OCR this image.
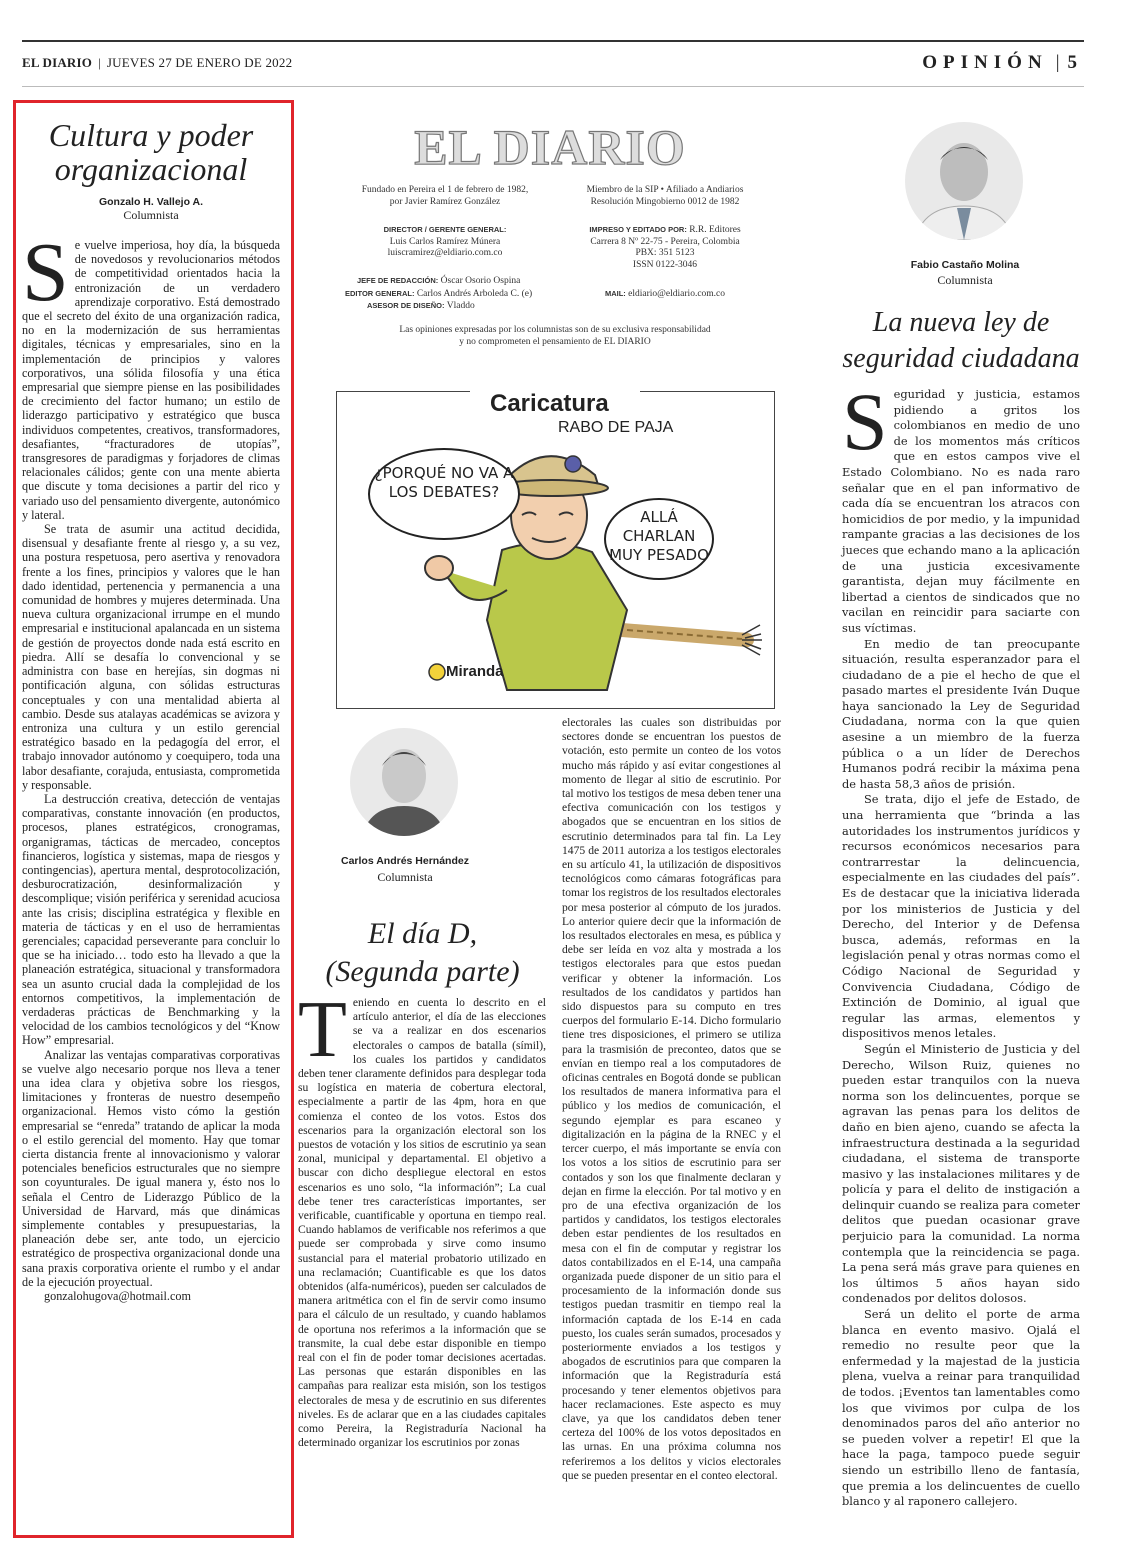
EL DIARIO | JUEVES 27 DE ENERO DE 2022	OPINIÓN | 5
Cultura y poder
organizacional
Gonzalo H. Vallejo A.
Columnista
S e vuelve imperiosa, hoy día, la búsqueda de novedosos y revolucionarios métodos de competitividad orientados hacia la entronización de un verdadero aprendizaje corporativo. Está demostrado que el secreto del éxito de una organización radica, no en la modernización de sus herramientas digitales, técnicas y empresariales, sino en la implementación de principios y valores corporativos, una sólida filosofía y una ética empresarial que siempre piense en las posibilidades de crecimiento del factor humano; un estilo de liderazgo participativo y estratégico que busca individuos competentes, creativos, transformadores, desafiantes, “fracturadores de utopías”, transgresores de paradigmas y forjadores de climas relacionales cálidos; gente con una mente abierta que discute y toma decisiones a partir del rico y variado uso del pensamiento divergente, autonómico y lateral.

Se trata de asumir una actitud decidida, disensual y desafiante frente al riesgo y, a su vez, una postura respetuosa, pero asertiva y renovadora frente a los fines, principios y valores que le han dado identidad, pertenencia y permanencia a una comunidad de hombres y mujeres determinada. Una nueva cultura organizacional irrumpe en el mundo empresarial e institucional apalancada en un sistema de gestión de proyectos donde nada está escrito en piedra. Allí se desafía lo convencional y se administra con base en herejías, sin dogmas ni pontificación alguna, con sólidas estructuras conceptuales y con una mentalidad abierta al cambio. Desde sus atalayas académicas se avizora y entroniza una cultura y un estilo gerencial estratégico basado en la pedagogía del error, el trabajo innovador autónomo y coequipero, toda una labor desafiante, corajuda, entusiasta, comprometida y responsable.

La destrucción creativa, detección de ventajas comparativas, constante innovación (en productos, procesos, planes estratégicos, cronogramas, organigramas, tácticas de mercadeo, conceptos financieros, logística y sistemas, mapa de riesgos y contingencias), apertura mental, desprotocolización, desburocratización, desinformalización y descomplique; visión periférica y serenidad acuciosa ante las crisis; disciplina estratégica y flexible en materia de tácticas y en el uso de herramientas gerenciales; capacidad perseverante para concluir lo que se ha iniciado… todo esto ha llevado a que la planeación estratégica, situacional y transformadora sea un asunto crucial dada la complejidad de los entornos competitivos, la implementación de verdaderas prácticas de Benchmarking y la velocidad de los cambios tecnológicos y del “Know How” empresarial.

Analizar las ventajas comparativas corporativas se vuelve algo necesario porque nos lleva a tener una idea clara y objetiva sobre los riesgos, limitaciones y fronteras de nuestro desempeño organizacional. Hemos visto cómo la gestión empresarial se “enreda” tratando de aplicar la moda o el estilo gerencial del momento. Hay que tomar cierta distancia frente al innovacionismo y valorar potenciales beneficios estructurales que no siempre son coyunturales. De igual manera y, ésto nos lo señala el Centro de Liderazgo Público de la Universidad de Harvard, más que dinámicas simplemente contables y presupuestarias, la planeación debe ser, ante todo, un ejercicio estratégico de prospectiva organizacional donde una sana praxis corporativa oriente el rumbo y el andar de la ejecución proyectual.

gonzalohugova@hotmail.com

EL DIARIO
Fundado en Pereira el 1 de febrero de 1982,
por Javier Ramírez González
Miembro de la SIP • Afiliado a Andiarios
Resolución Mingobierno 0012 de 1982
DIRECTOR / GERENTE GENERAL:
Luis Carlos Ramírez Múnera
luiscramirez@eldiario.com.co
IMPRESO Y EDITADO POR: R.R. Editores
Carrera 8 Nº 22-75 - Pereira, Colombia
PBX: 351 5123
ISSN 0122-3046
JEFE DE REDACCIÓN: Óscar Osorio Ospina
EDITOR GENERAL: Carlos Andrés Arboleda C. (e)
ASESOR DE DISEÑO: Vladdo
MAIL: eldiario@eldiario.com.co
Las opiniones expresadas por los columnistas son de su exclusiva responsabilidad
y no comprometen el pensamiento de EL DIARIO
Caricatura
RABO DE PAJA
Miranda
¿PORQUÉ NO VA A LOS DEBATES?
ALLÁ CHARLAN MUY PESADO
Carlos Andrés Hernández
Columnista
El día D,
(Segunda parte)
T eniendo en cuenta lo descrito en el artículo anterior, el día de las elecciones se va a realizar en dos escenarios electorales o campos de batalla (símil), los cuales los partidos y candidatos deben tener claramente definidos para desplegar toda su logística en materia de cobertura electoral, especialmente a partir de las 4pm, hora en que comienza el conteo de los votos. Estos dos escenarios para la organización electoral son los puestos de votación y los sitios de escrutinio ya sean zonal, municipal y departamental. El objetivo a buscar con dicho despliegue electoral en estos escenarios es uno solo, “la información”; La cual debe tener tres características importantes, ser verificable, cuantificable y oportuna en tiempo real. Cuando hablamos de verificable nos referimos a que puede ser comprobada y sirve como insumo sustancial para el material probatorio utilizado en una reclamación; Cuantificable es que los datos obtenidos (alfa-numéricos), pueden ser calculados de manera aritmética con el fin de servir como insumo para el cálculo de un resultado, y cuando hablamos de oportuna nos referimos a la información que se transmite, la cual debe estar disponible en tiempo real con el fin de poder tomar decisiones acertadas. Las personas que estarán disponibles en las campañas para realizar esta misión, son los testigos electorales de mesa y de escrutinio en sus diferentes niveles. Es de aclarar que en a las ciudades capitales como Pereira, la Registraduría Nacional ha determinado organizar los escrutinios por zonas

electorales las cuales son distribuidas por sectores donde se encuentran los puestos de votación, esto permite un conteo de los votos mucho más rápido y así evitar congestiones al momento de llegar al sitio de escrutinio. Por tal motivo los testigos de mesa deben tener una efectiva comunicación con los testigos y abogados que se encuentran en los sitios de escrutinio determinados para tal fin. La Ley 1475 de 2011 autoriza a los testigos electorales en su artículo 41, la utilización de dispositivos tecnológicos como cámaras fotográficas para tomar los registros de los resultados electorales por mesa posterior al cómputo de los jurados. Lo anterior quiere decir que la información de los resultados electorales en mesa, es pública y debe ser leída en voz alta y mostrada a los testigos electorales para que estos puedan verificar y obtener la información. Los resultados de los candidatos y partidos han sido dispuestos para su computo en tres cuerpos del formulario E-14. Dicho formulario tiene tres disposiciones, el primero se utiliza para la trasmisión de preconteo, datos que se envían en tiempo real a los computadores de oficinas centrales en Bogotá donde se publican los resultados de manera informativa para el público y los medios de comunicación, el segundo ejemplar es para escaneo y digitalización en la página de la RNEC y el tercer cuerpo, el más importante se envía con los votos a los sitios de escrutinio para ser contados y son los que finalmente declaran y dejan en firme la elección. Por tal motivo y en pro de una efectiva organización de los partidos y candidatos, los testigos electorales deben estar pendientes de los resultados en mesa con el fin de computar y registrar los datos contabilizados en el E-14, una campaña organizada puede disponer de un sitio para el procesamiento de la información donde sus testigos puedan trasmitir en tiempo real la información captada de los E-14 en cada puesto, los cuales serán sumados, procesados y posteriormente enviados a los testigos y abogados de escrutinios para que comparen la información que la Registraduría está procesando y tener elementos objetivos para hacer reclamaciones. Este aspecto es muy clave, ya que los candidatos deben tener certeza del 100% de los votos depositados en las urnas. En una próxima columna nos referiremos a los delitos y vicios electorales que se pueden presentar en el conteo electoral.

Fabio Castaño Molina
Columnista
La nueva ley de
seguridad ciudadana
S eguridad y justicia, estamos pidiendo a gritos los colombianos en medio de uno de los momentos más críticos que en estos campos vive el Estado Colombiano. No es nada raro señalar que en el pan informativo de cada día se encuentran los atracos con homicidios de por medio, y la impunidad rampante gracias a las decisiones de los jueces que echando mano a la aplicación de una justicia excesivamente garantista, dejan muy fácilmente en libertad a cientos de sindicados que no vacilan en reincidir para saciarte con sus víctimas.

En medio de tan preocupante situación, resulta esperanzador para el ciudadano de a pie el hecho de que el pasado martes el presidente Iván Duque haya sancionado la Ley de Seguridad Ciudadana, norma con la que quien asesine a un miembro de la fuerza pública o a un líder de Derechos Humanos podrá recibir la máxima pena de hasta 58,3 años de prisión.

Se trata, dijo el jefe de Estado, de una herramienta que “brinda a las autoridades los instrumentos jurídicos y recursos económicos necesarios para contrarrestar la delincuencia, especialmente en las ciudades del país”. Es de destacar que la iniciativa liderada por los ministerios de Justicia y del Derecho, del Interior y de Defensa busca, además, reformas en la legislación penal y otras normas como el Código Nacional de Seguridad y Convivencia Ciudadana, Código de Extinción de Dominio, al igual que regular las armas, elementos y dispositivos menos letales.

Según el Ministerio de Justicia y del Derecho, Wilson Ruiz, quienes no pueden estar tranquilos con la nueva norma son los delincuentes, porque se agravan las penas para los delitos de daño en bien ajeno, cuando se afecta la infraestructura destinada a la seguridad ciudadana, el sistema de transporte masivo y las instalaciones militares y de policía y para el delito de instigación a delinquir cuando se realiza para cometer delitos que puedan ocasionar grave perjuicio para la comunidad. La norma contempla que la reincidencia se paga. La pena será más grave para quienes en los últimos 5 años hayan sido condenados por delitos dolosos.

Será un delito el porte de arma blanca en evento masivo. Ojalá el remedio no resulte peor que la enfermedad y la majestad de la justicia plena, vuelva a reinar para tranquilidad de todos. ¡Eventos tan lamentables como los que vivimos por culpa de los denominados paros del año anterior no se pueden volver a repetir! El que la hace la paga, tampoco puede seguir siendo un estribillo lleno de fantasía, que premia a los delincuentes de cuello blanco y al raponero callejero.
